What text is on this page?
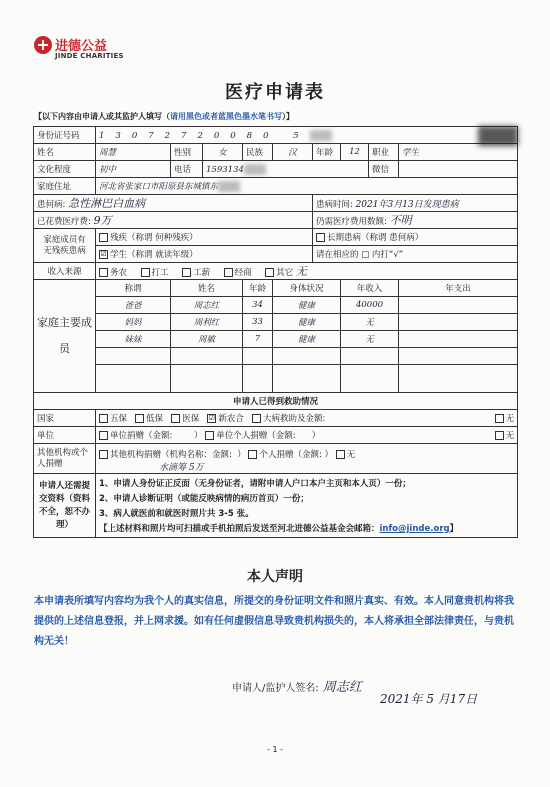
进德公益
JINDE CHARITIES
医疗申请表
【以下内容由申请人或其监护人填写（请用黑色或者蓝黑色墨水笔书写）】
身份证号码	13072720080 5								
姓名	周慧	性别	女	民族	汉	年龄	12	职业	学生
文化程度	初中	电话	1593134					微信	
家庭住址	河北省张家口市阳原县东城镇东								
患何病: 急性淋巴白血病						患病时间: 2021年3月13日发现患病			
已花费医疗费: 9万						仍需医疗费用数额: 不明			
家庭成员有
无残疾患病	残疾（称谓 何种残疾）					长期患病（称谓 患何病）			
	☑ 学生（称谓 就读年级）					请在相应的 □ 内打“√”			
收入来源	务农 打工 工薪 经商 其它 无								
家庭主要成员	称谓	姓名		年龄	身体状况		年收入		年支出
	爸爸	周志红		34	健康		40000		
	妈妈	周利红		33	健康		无		
	妹妹	周敏		7	健康		无		

申请人已得到救助情况									
国家	五保 低保 医保 ☑ 新农合 大病救助及金额: 无								

单位	单位捐赠（金额:        ） 单位个人捐赠（金额:      ） 无								

其他机构或个人捐赠	其他机构捐赠（机构名称：金额:  ） 个人捐赠（金额: ） 无
水滴筹 5万								
申请人还需提交资料（资料不全，恕不办理）	1、申请人身份证正反面（无身份证者，请附申请人户口本户主页和本人页）一份；
2、申请人诊断证明（或能反映病情的病历首页）一份；
3、病人就医前和就医时照片共 3-5 张。
【上述材料和照片均可扫描或手机拍照后发送至河北进德公益基金会邮箱：info@jinde.org】								
本人声明
本申请表所填写内容均为我个人的真实信息，所提交的身份证明文件和照片真实、有效。本人同意贵机构将我提供的上述信息登报，并上网求援。如有任何虚假信息导致贵机构损失的，本人将承担全部法律责任，与贵机构无关！
申请人/监护人签名: 周志红
2021年 5 月17日
- 1 -
